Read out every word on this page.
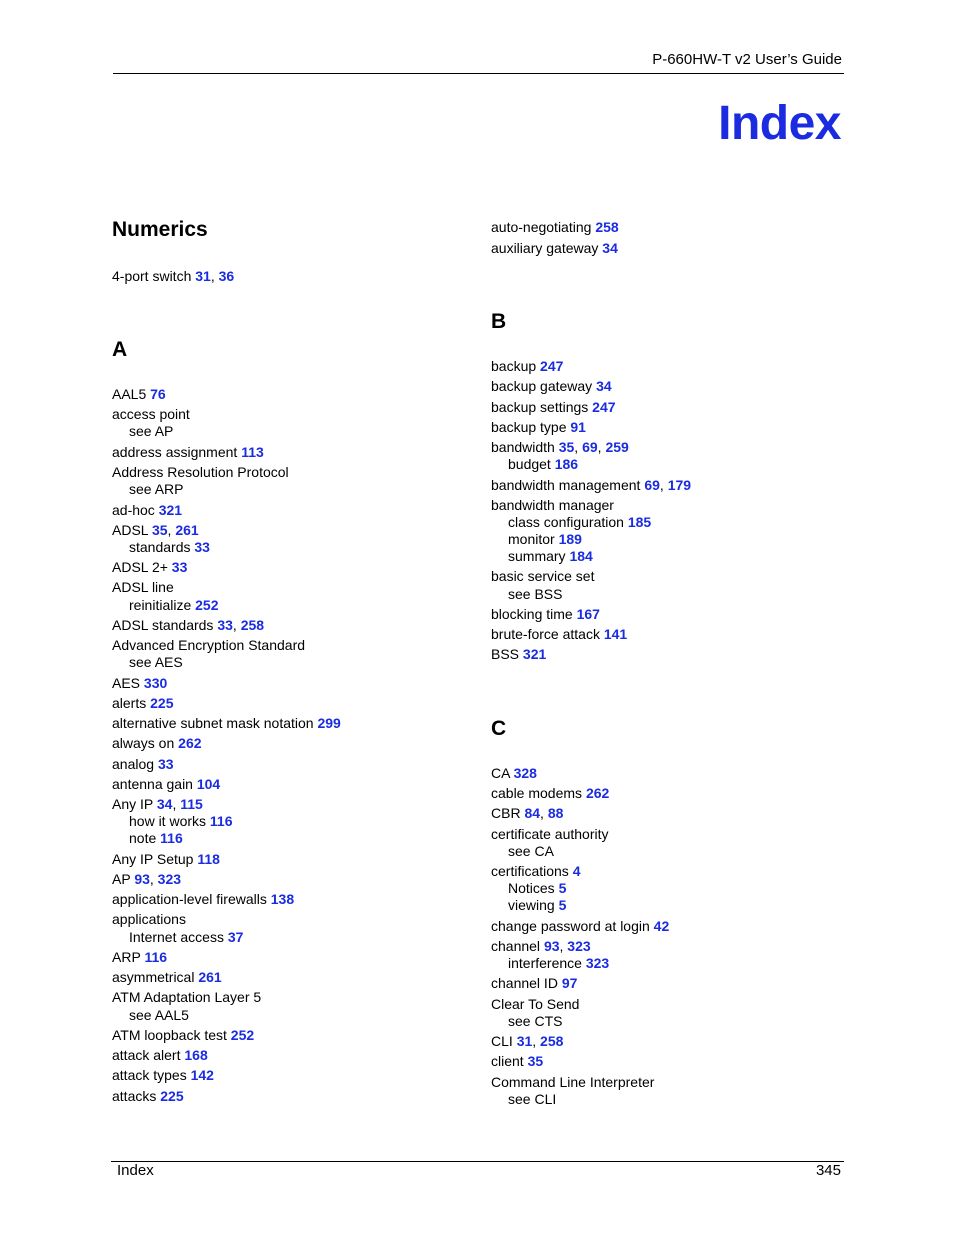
P-660HW-T v2 User’s Guide
Index
Numerics
4-port switch 31, 36
A
AAL5 76
access point
see AP
address assignment 113
Address Resolution Protocol
see ARP
ad-hoc 321
ADSL 35, 261
standards 33
ADSL 2+ 33
ADSL line
reinitialize 252
ADSL standards 33, 258
Advanced Encryption Standard
see AES
AES 330
alerts 225
alternative subnet mask notation 299
always on 262
analog 33
antenna gain 104
Any IP 34, 115
how it works 116
note 116
Any IP Setup 118
AP 93, 323
application-level firewalls 138
applications
Internet access 37
ARP 116
asymmetrical 261
ATM Adaptation Layer 5
see AAL5
ATM loopback test 252
attack alert 168
attack types 142
attacks 225
auto-negotiating 258
auxiliary gateway 34
B
backup 247
backup gateway 34
backup settings 247
backup type 91
bandwidth 35, 69, 259
budget 186
bandwidth management 69, 179
bandwidth manager
class configuration 185
monitor 189
summary 184
basic service set
see BSS
blocking time 167
brute-force attack 141
BSS 321
C
CA 328
cable modems 262
CBR 84, 88
certificate authority
see CA
certifications 4
Notices 5
viewing 5
change password at login 42
channel 93, 323
interference 323
channel ID 97
Clear To Send
see CTS
CLI 31, 258
client 35
Command Line Interpreter
see CLI
Index	345
